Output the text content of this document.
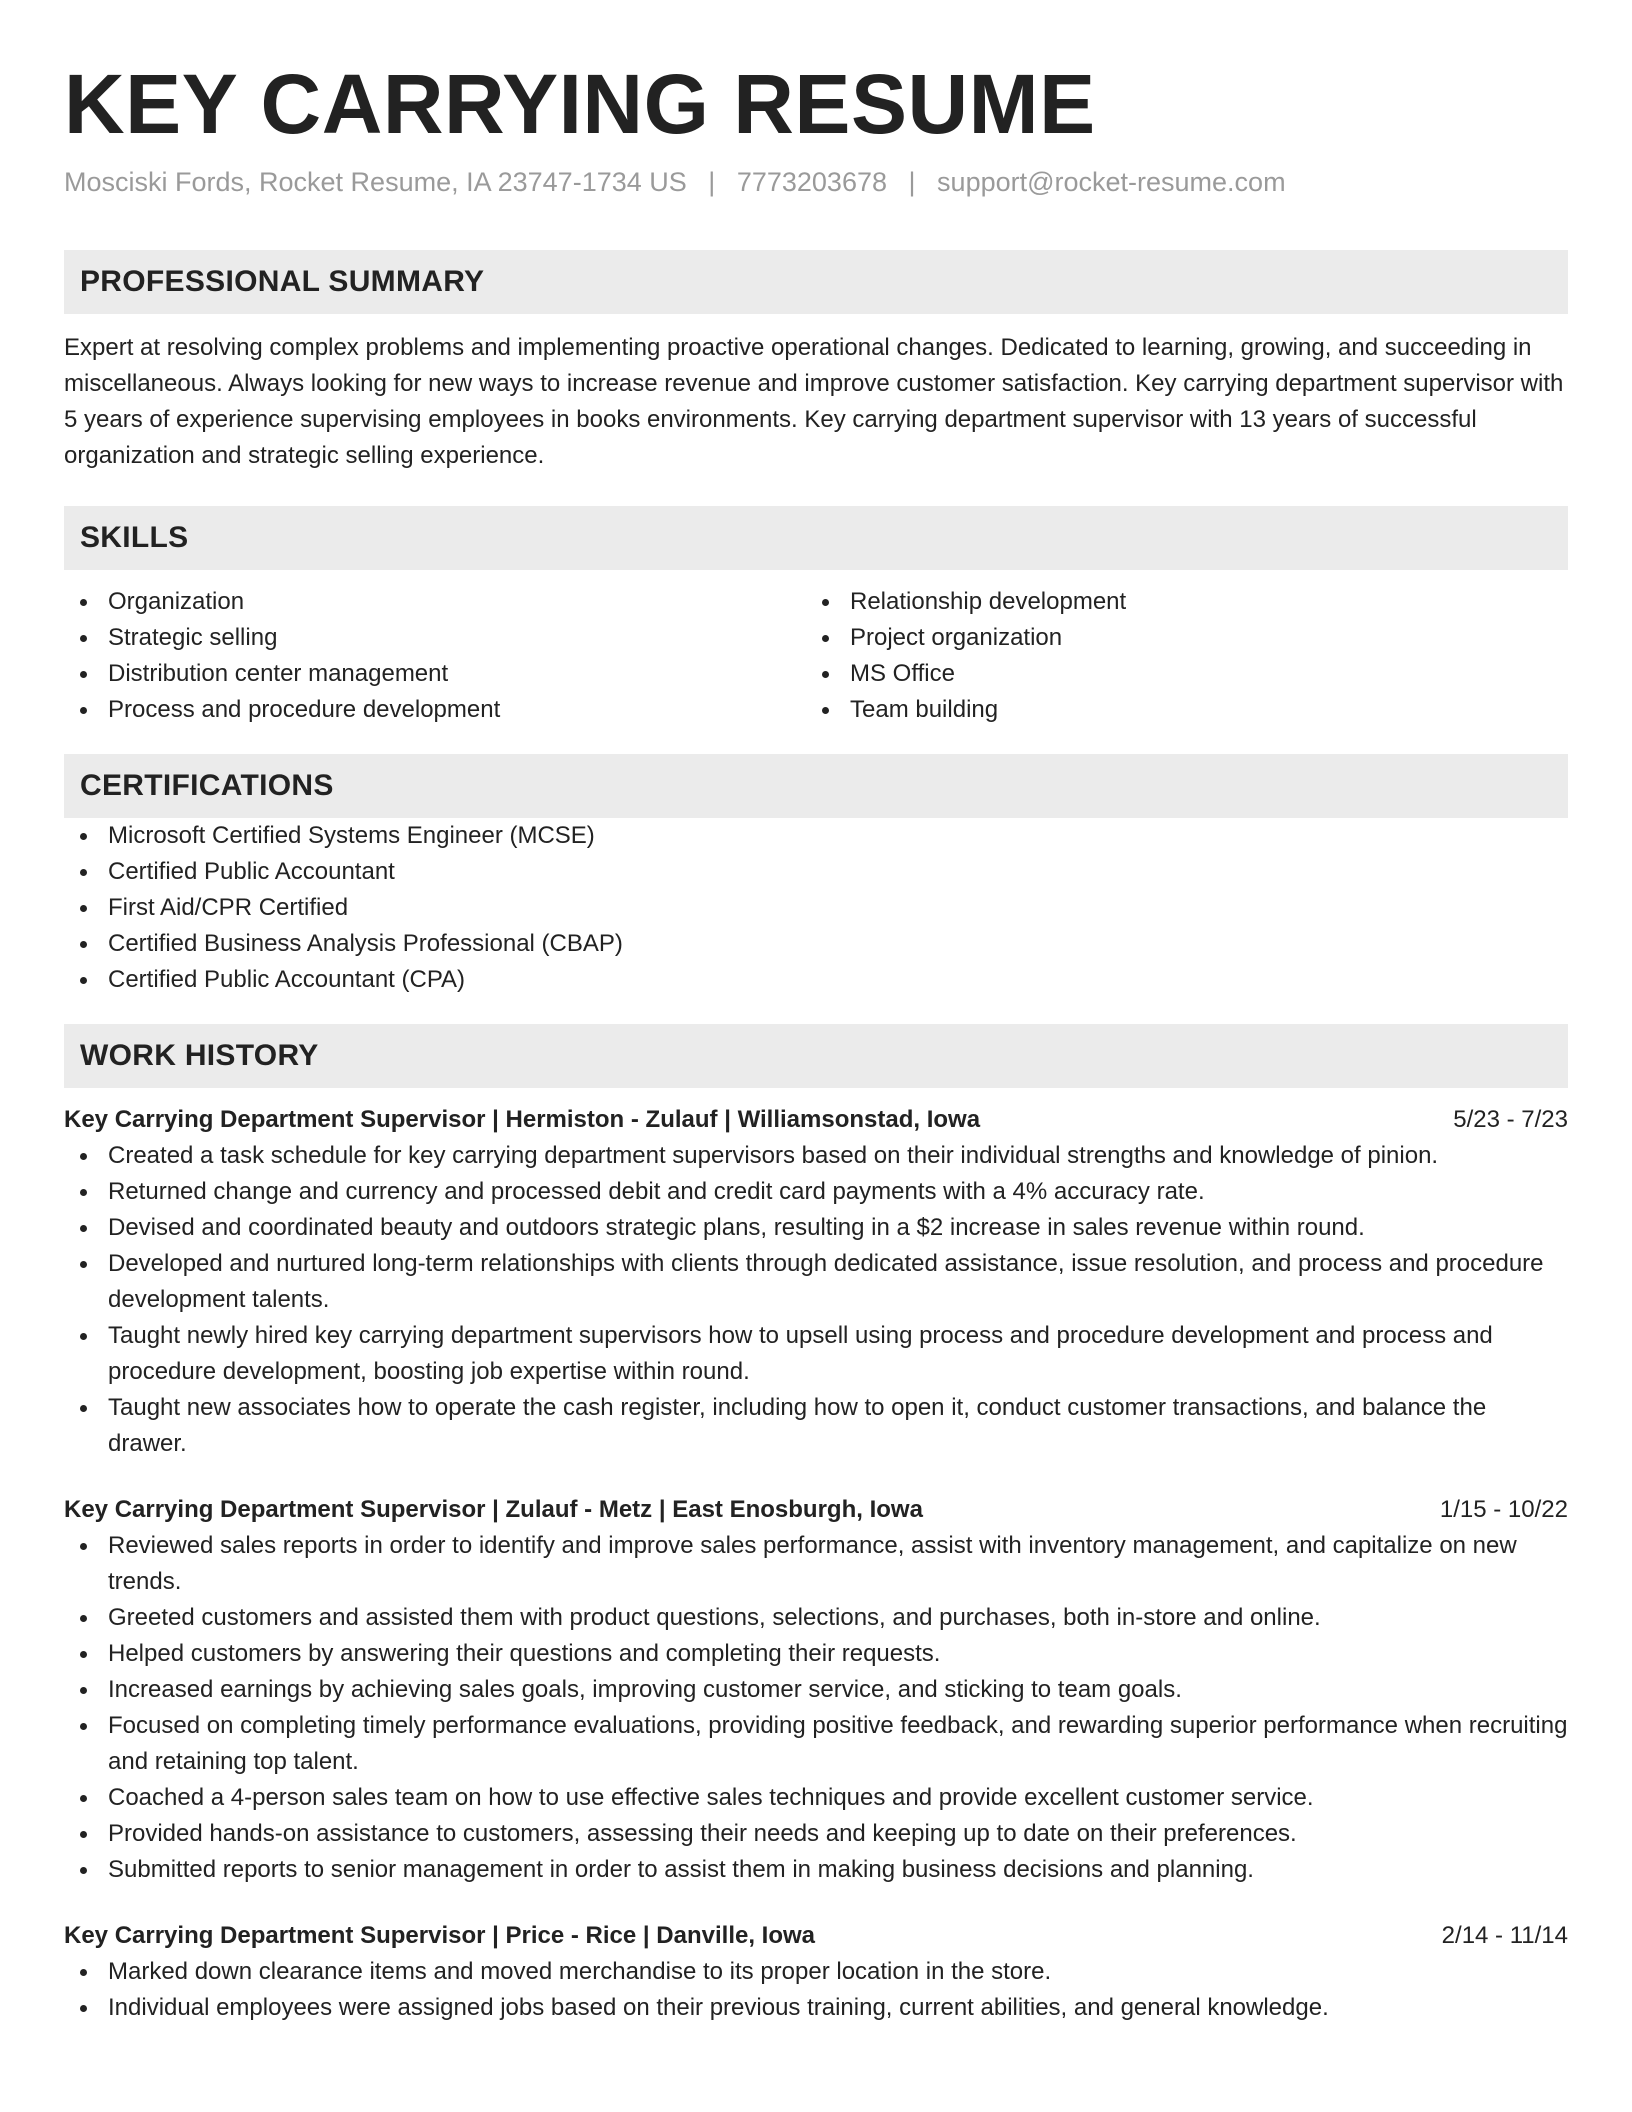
KEY CARRYING RESUME
Mosciski Fords, Rocket Resume, IA 23747-1734 US | 7773203678 | support@rocket-resume.com
PROFESSIONAL SUMMARY

Expert at resolving complex problems and implementing proactive operational changes. Dedicated to learning, growing, and succeeding in miscellaneous. Always looking for new ways to increase revenue and improve customer satisfaction. Key carrying department supervisor with 5 years of experience supervising employees in books environments. Key carrying department supervisor with 13 years of successful organization and strategic selling experience.

SKILLS
Organization
Strategic selling
Distribution center management
Process and procedure development
Relationship development
Project organization
MS Office
Team building
CERTIFICATIONS
Microsoft Certified Systems Engineer (MCSE)
Certified Public Accountant
First Aid/CPR Certified
Certified Business Analysis Professional (CBAP)
Certified Public Accountant (CPA)
WORK HISTORY
Key Carrying Department Supervisor | Hermiston - Zulauf | Williamsonstad, Iowa	5/23 - 7/23
Created a task schedule for key carrying department supervisors based on their individual strengths and knowledge of pinion.
Returned change and currency and processed debit and credit card payments with a 4% accuracy rate.
Devised and coordinated beauty and outdoors strategic plans, resulting in a $2 increase in sales revenue within round.
Developed and nurtured long-term relationships with clients through dedicated assistance, issue resolution, and process and procedure development talents.
Taught newly hired key carrying department supervisors how to upsell using process and procedure development and process and procedure development, boosting job expertise within round.
Taught new associates how to operate the cash register, including how to open it, conduct customer transactions, and balance the drawer.
Key Carrying Department Supervisor | Zulauf - Metz | East Enosburgh, Iowa	1/15 - 10/22
Reviewed sales reports in order to identify and improve sales performance, assist with inventory management, and capitalize on new trends.
Greeted customers and assisted them with product questions, selections, and purchases, both in-store and online.
Helped customers by answering their questions and completing their requests.
Increased earnings by achieving sales goals, improving customer service, and sticking to team goals.
Focused on completing timely performance evaluations, providing positive feedback, and rewarding superior performance when recruiting and retaining top talent.
Coached a 4-person sales team on how to use effective sales techniques and provide excellent customer service.
Provided hands-on assistance to customers, assessing their needs and keeping up to date on their preferences.
Submitted reports to senior management in order to assist them in making business decisions and planning.
Key Carrying Department Supervisor | Price - Rice | Danville, Iowa	2/14 - 11/14
Marked down clearance items and moved merchandise to its proper location in the store.
Individual employees were assigned jobs based on their previous training, current abilities, and general knowledge.
